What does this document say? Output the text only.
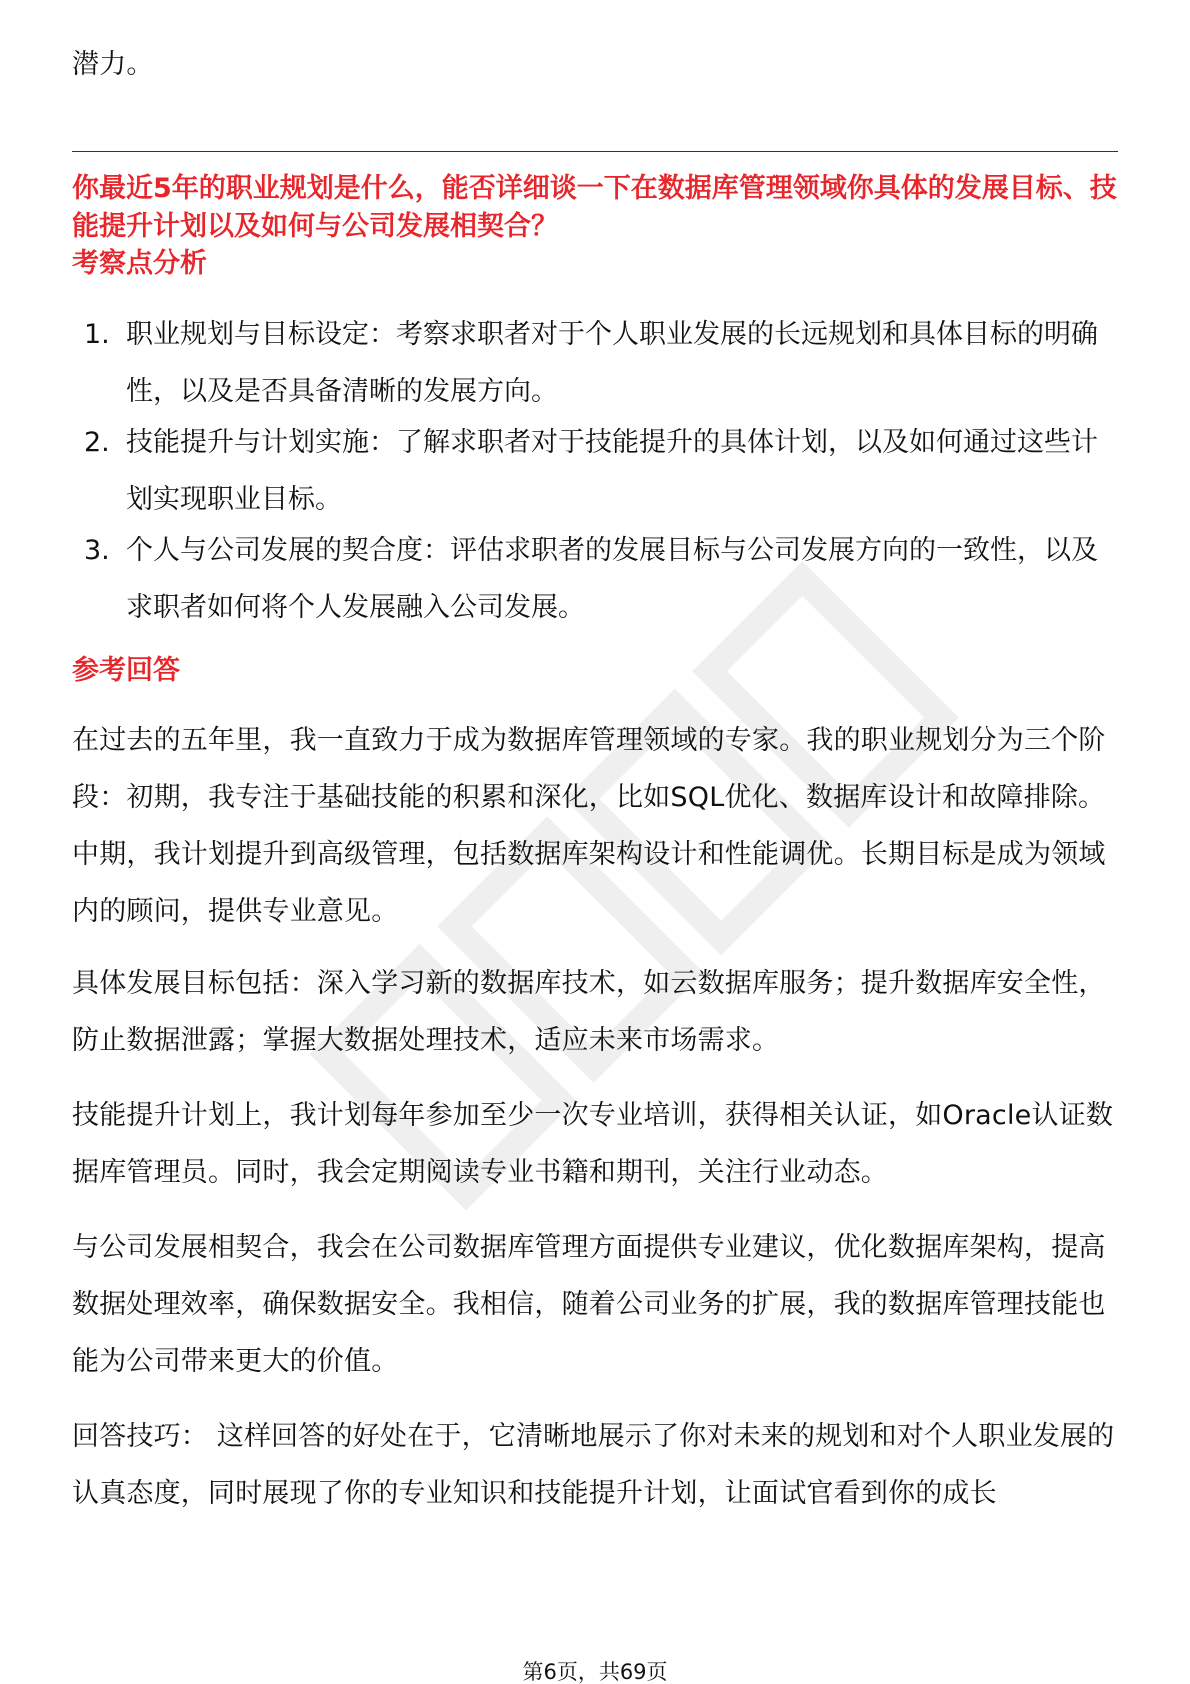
潜力。

你最近5年的职业规划是什么，能否详细谈一下在数据库管理领域你具体的发展目标、技能提升计划以及如何与公司发展相契合？

考察点分析

1. 职业规划与目标设定：考察求职者对于个人职业发展的长远规划和具体目标的明确性，以及是否具备清晰的发展方向。
2. 技能提升与计划实施：了解求职者对于技能提升的具体计划，以及如何通过这些计划实现职业目标。
3. 个人与公司发展的契合度：评估求职者的发展目标与公司发展方向的一致性，以及求职者如何将个人发展融入公司发展。

参考回答

在过去的五年里，我一直致力于成为数据库管理领域的专家。我的职业规划分为三个阶段：初期，我专注于基础技能的积累和深化，比如SQL优化、数据库设计和故障排除。中期，我计划提升到高级管理，包括数据库架构设计和性能调优。长期目标是成为领域内的顾问，提供专业意见。

具体发展目标包括：深入学习新的数据库技术，如云数据库服务；提升数据库安全性，防止数据泄露；掌握大数据处理技术，适应未来市场需求。

技能提升计划上，我计划每年参加至少一次专业培训，获得相关认证，如Oracle认证数据库管理员。同时，我会定期阅读专业书籍和期刊，关注行业动态。

与公司发展相契合，我会在公司数据库管理方面提供专业建议，优化数据库架构，提高数据处理效率，确保数据安全。我相信，随着公司业务的扩展，我的数据库管理技能也能为公司带来更大的价值。

回答技巧： 这样回答的好处在于，它清晰地展示了你对未来的规划和对个人职业发展的认真态度，同时展现了你的专业知识和技能提升计划，让面试官看到你的成长

第6页，共69页
